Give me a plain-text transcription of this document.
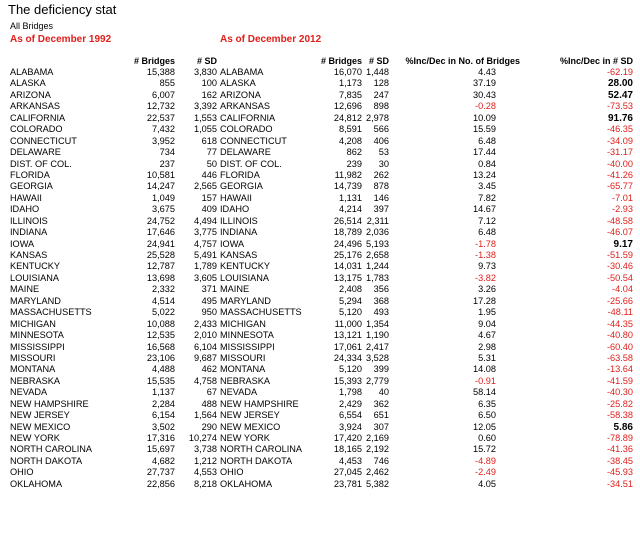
The deficiency stat
All Bridges
As of December 1992	As of December 2012
# Bridges # SD	# Bridges # SD %Inc/Dec in No. of Bridges	%Inc/Dec in # SD
ALABAMA	15,388 3,830 ALABAMA	16,070 1,448	4.43	-62.19
ALASKA	855	100 ALASKA	1,173 128	37.19	28.00
ARIZONA	6,007	162 ARIZONA	7,835 247	30.43	52.47
ARKANSAS	12,732 3,392 ARKANSAS	12,696 898	-0.28	-73.53
CALIFORNIA	22,537 1,553 CALIFORNIA	24,812 2,978	10.09	91.76
COLORADO	7,432 1,055 COLORADO	8,591 566	15.59	-46.35
CONNECTICUT	3,952	618 CONNECTICUT	4,208 406	6.48	-34.09
DELAWARE	734	77 DELAWARE	862 53	17.44	-31.17
DIST. OF COL.	237	50 DIST. OF COL.	239 30	0.84	-40.00
FLORIDA	10,581	446 FLORIDA	11,982 262	13.24	-41.26
GEORGIA	14,247 2,565 GEORGIA	14,739 878	3.45	-65.77
HAWAII	1,049	157 HAWAII	1,131 146	7.82	-7.01
IDAHO	3,675	409 IDAHO	4,214 397	14.67	-2.93
ILLINOIS	24,752 4,494 ILLINOIS	26,514 2,311	7.12	-48.58
INDIANA	17,646 3,775 INDIANA	18,789 2,036	6.48	-46.07
IOWA	24,941 4,757 IOWA	24,496 5,193	-1.78	9.17
KANSAS	25,528 5,491 KANSAS	25,176 2,658	-1.38	-51.59
KENTUCKY	12,787 1,789 KENTUCKY	14,031 1,244	9.73	-30.46
LOUISIANA	13,698 3,605 LOUISIANA	13,175 1,783	-3.82	-50.54
MAINE	2,332	371 MAINE	2,408 356	3.26	-4.04
MARYLAND	4,514	495 MARYLAND	5,294 368	17.28	-25.66
MASSACHUSETTS	5,022	950 MASSACHUSETTS	5,120 493	1.95	-48.11
MICHIGAN	10,088 2,433 MICHIGAN	11,000 1,354	9.04	-44.35
MINNESOTA	12,535 2,010 MINNESOTA	13,121 1,190	4.67	-40.80
MISSISSIPPI	16,568 6,104 MISSISSIPPI	17,061 2,417	2.98	-60.40
MISSOURI	23,106 9,687 MISSOURI	24,334 3,528	5.31	-63.58
MONTANA	4,488	462 MONTANA	5,120 399	14.08	-13.64
NEBRASKA	15,535 4,758 NEBRASKA	15,393 2,779	-0.91	-41.59
NEVADA	1,137	67 NEVADA	1,798 40	58.14	-40.30
NEW HAMPSHIRE	2,284	488 NEW HAMPSHIRE	2,429 362	6.35	-25.82
NEW JERSEY	6,154 1,564 NEW JERSEY	6,554 651	6.50	-58.38
NEW MEXICO	3,502	290 NEW MEXICO	3,924 307	12.05	5.86
NEW YORK	17,316 10,274 NEW YORK	17,420 2,169	0.60	-78.89
NORTH CAROLINA	15,697 3,738 NORTH CAROLINA	18,165 2,192	15.72	-41.36
NORTH DAKOTA	4,682 1,212 NORTH DAKOTA	4,453 746	-4.89	-38.45
OHIO	27,737 4,553 OHIO	27,045 2,462	-2.49	-45.93
OKLAHOMA	22,856 8,218 OKLAHOMA	23,781 5,382	4.05	-34.51
